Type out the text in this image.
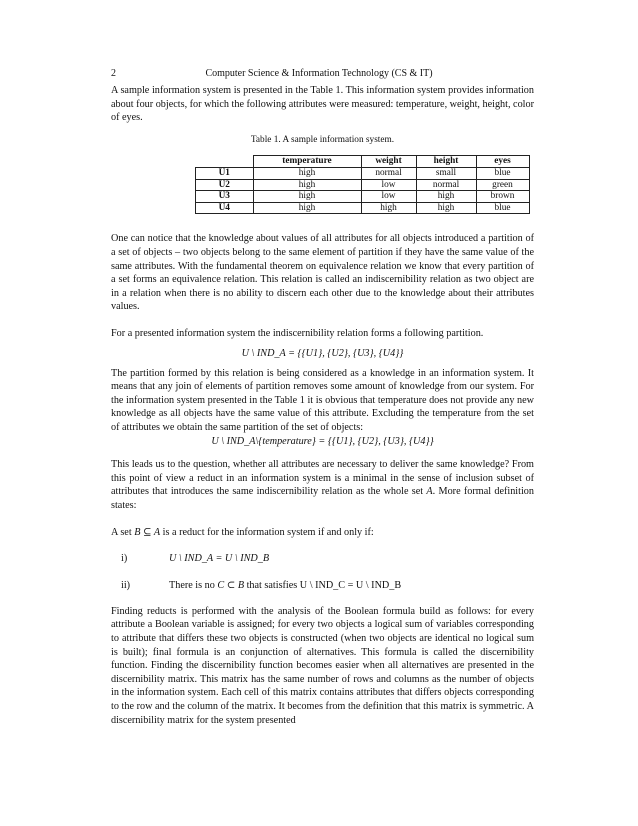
2	Computer Science & Information Technology (CS & IT)

A sample information system is presented in the Table 1. This information system provides information about four objects, for which the following attributes were measured: temperature, weight, height, color of eyes.

Table 1. A sample information system.
	temperature	weight	height	eyes
U1	high	normal	small	blue
U2	high	low	normal	green
U3	high	low	high	brown
U4	high	high	high	blue

One can notice that the knowledge about values of all attributes for all objects introduced a partition of a set of objects – two objects belong to the same element of partition if they have the same value of the same attributes. With the fundamental theorem on equivalence relation we know that every partition of a set forms an equivalence relation. This relation is called an indiscernibility relation as two object are in a relation when there is no ability to discern each other due to the knowledge about their attributes values.

For a presented information system the indiscernibility relation forms a following partition.

U \ IND_A = {{U1}, {U2}, {U3}, {U4}}

The partition formed by this relation is being considered as a knowledge in an information system. It means that any join of elements of partition removes some amount of knowledge from our system. For the information system presented in the Table 1 it is obvious that temperature does not provide any new knowledge as all objects have the same value of this attribute. Excluding the temperature from the set of attributes we obtain the same partition of the set of objects:

U \ IND_A\{temperature} = {{U1}, {U2}, {U3}, {U4}}

This leads us to the question, whether all attributes are necessary to deliver the same knowledge? From this point of view a reduct in an information system is a minimal in the sense of inclusion subset of attributes that introduces the same indiscernibility relation as the whole set A. More formal definition states:

A set B ⊆ A is a reduct for the information system if and only if:

i)	U \ IND_A = U \ IND_B
ii)	There is no C ⊂ B that satisfies U \ IND_C = U \ IND_B

Finding reducts is performed with the analysis of the Boolean formula build as follows: for every attribute a Boolean variable is assigned; for every two objects a logical sum of variables corresponding to attribute that differs these two objects is constructed (when two objects are identical no logical sum is built); final formula is an conjunction of alternatives. This formula is called the discernibility function. Finding the discernibility function becomes easier when all alternatives are presented in the discernibility matrix. This matrix has the same number of rows and columns as the number of objects in the information system. Each cell of this matrix contains attributes that differs objects corresponding to the row and the column of the matrix. It becomes from the definition that this matrix is symmetric. A discernibility matrix for the system presented
